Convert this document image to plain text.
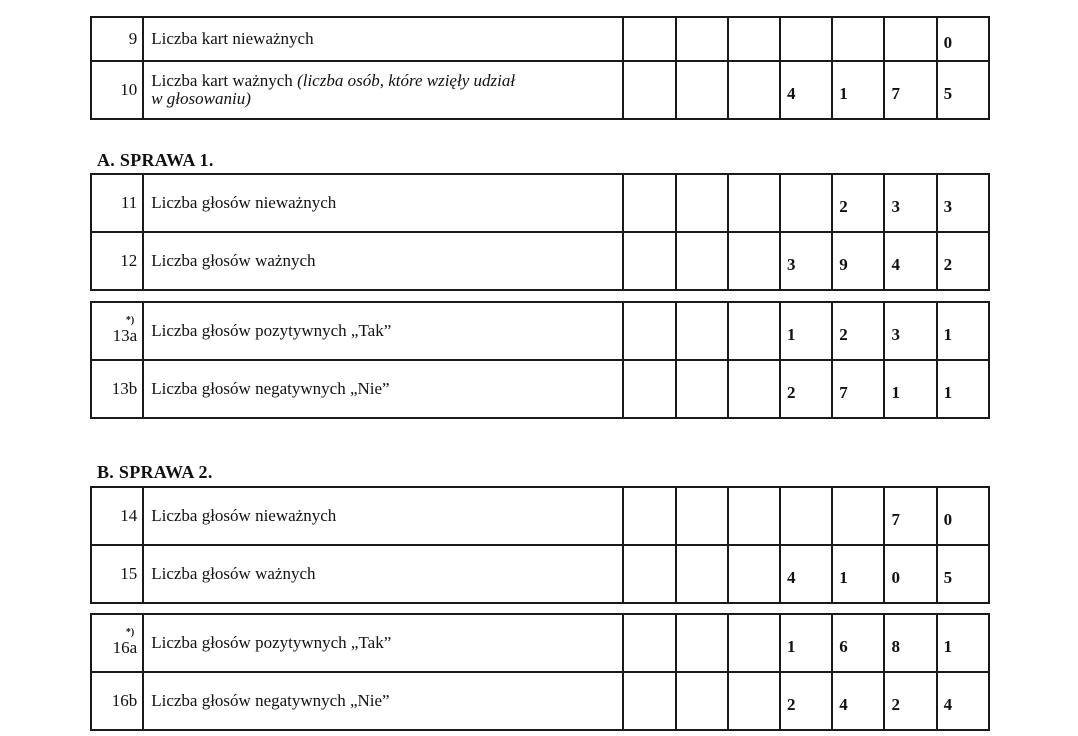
9	Liczba kart nieważnych							0
10	Liczba kart ważnych (liczba osób, które wzięły udział
w głosowaniu)				4	1	7	5
A. SPRAWA 1.
11	Liczba głosów nieważnych					2	3	3
12	Liczba głosów ważnych				3	9	4	2
*)
13a	Liczba głosów pozytywnych „Tak”				1	2	3	1
13b	Liczba głosów negatywnych „Nie”				2	7	1	1
B. SPRAWA 2.
14	Liczba głosów nieważnych						7	0
15	Liczba głosów ważnych				4	1	0	5
*)
16a	Liczba głosów pozytywnych „Tak”				1	6	8	1
16b	Liczba głosów negatywnych „Nie”				2	4	2	4
